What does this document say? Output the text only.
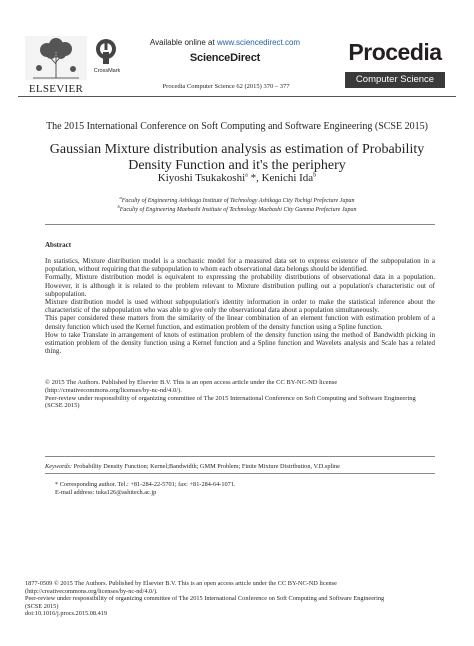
ELSEVIER
CrossMark
Available online at www.sciencedirect.com
ScienceDirect
Procedia Computer Science 62 (2015) 370 – 377
Procedia
Computer Science
The 2015 International Conference on Soft Computing and Software Engineering (SCSE 2015)
Gaussian Mixture distribution analysis as estimation of Probability
Density Function and it's the periphery
Kiyoshi Tsukakoshi$^a$ *, Kenichi Ida$^b$
$^a$Faculty of Engineering Ashikaga Institute of Technology Ashikaga City Tochigi Prefecture Japan
$^b$Faculty of Engineering Maebashi Institute of Technology Maebashi City Gumma Prefecture Japan
Abstract

In statistics, Mixture distribution model is a stochastic model for a measured data set to express existence of the subpopulation in a population, without requiring that the subpopulation to whom each observational data belongs should be identified.

Formally, Mixture distribution model is equivalent to expressing the probability distributions of observational data in a population. However, it is although it is related to the problem relevant to Mixture distribution pulling out a population's characteristic out of subpopulation.

Mixture distribution model is used without subpopulation's identity information in order to make the statistical inference about the characteristic of the subpopulation who was able to give only the observational data about a population simultaneously.

This paper considered these matters from the similarity of the linear combination of an element function with estimation problem of a density function which used the Kernel function, and estimation problem of the density function using a Spline function.

How to take Translate in arrangement of knots of estimation problem of the density function using the method of Bandwidth picking in estimation problem of the density function using a Kernel function and a Spline function and Wavelets analysis and Scale has a related thing.

© 2015 The Authors. Published by Elsevier B.V. This is an open access article under the CC BY-NC-ND license
(http://creativecommons.org/licenses/by-nc-nd/4.0/).
Peer-review under responsibility of organizing committee of The 2015 International Conference on Soft Computing and Software Engineering (SCSE 2015)
Keywords: Probability Density Function; Kernel;Bandwidth; GMM Problem; Finite Mixture Distribution, V.D.spline
* Corresponding author. Tel.: +81-284-22-5701; fax: +81-284-64-1071.
E-mail address: tuka126@ashitech.ac.jp
1877-0509 © 2015 The Authors. Published by Elsevier B.V. This is an open access article under the CC BY-NC-ND license
(http://creativecommons.org/licenses/by-nc-nd/4.0/).
Peer-review under responsibility of organizing committee of The 2015 International Conference on Soft Computing and Software Engineering
(SCSE 2015)
doi:10.1016/j.procs.2015.08.419
